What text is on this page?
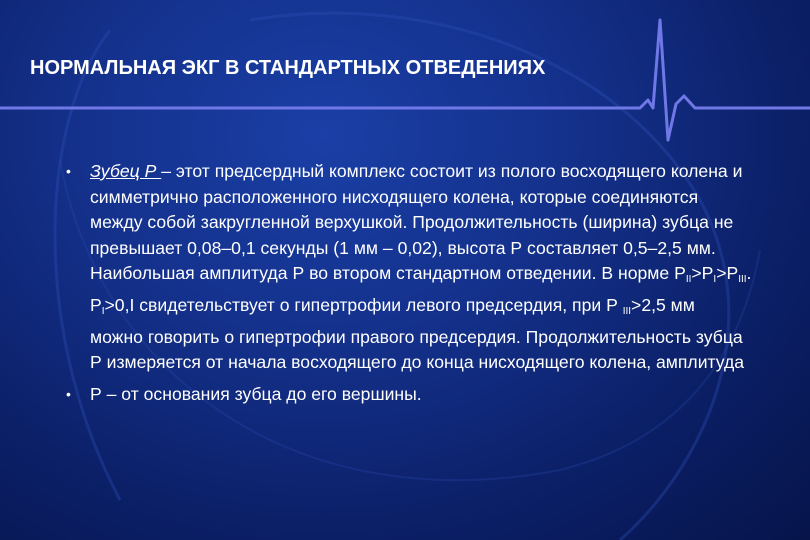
НОРМАЛЬНАЯ ЭКГ В СТАНДАРТНЫХ ОТВЕДЕНИЯХ
• Зубец Р – этот предсердный комплекс состоит из полого восходящего колена и симметрично расположенного нисходящего колена, которые соединяются между собой закругленной верхушкой. Продолжительность (ширина) зубца не превышает 0,08–0,1 секунды (1 мм – 0,02), высота Р составляет 0,5–2,5 мм. Наибольшая амплитуда Р во втором стандартном отведении. В норме $Р_{II}>Р_I>Р_{III}$. $Р_I>0,I$ свидетельствует о гипертрофии левого предсердия, при Р $_{III}$>2,5 мм можно говорить о гипертрофии правого предсердия. Продолжительность зубца Р измеряется от начала восходящего до конца нисходящего колена, амплитуда
• Р – от основания зубца до его вершины.
